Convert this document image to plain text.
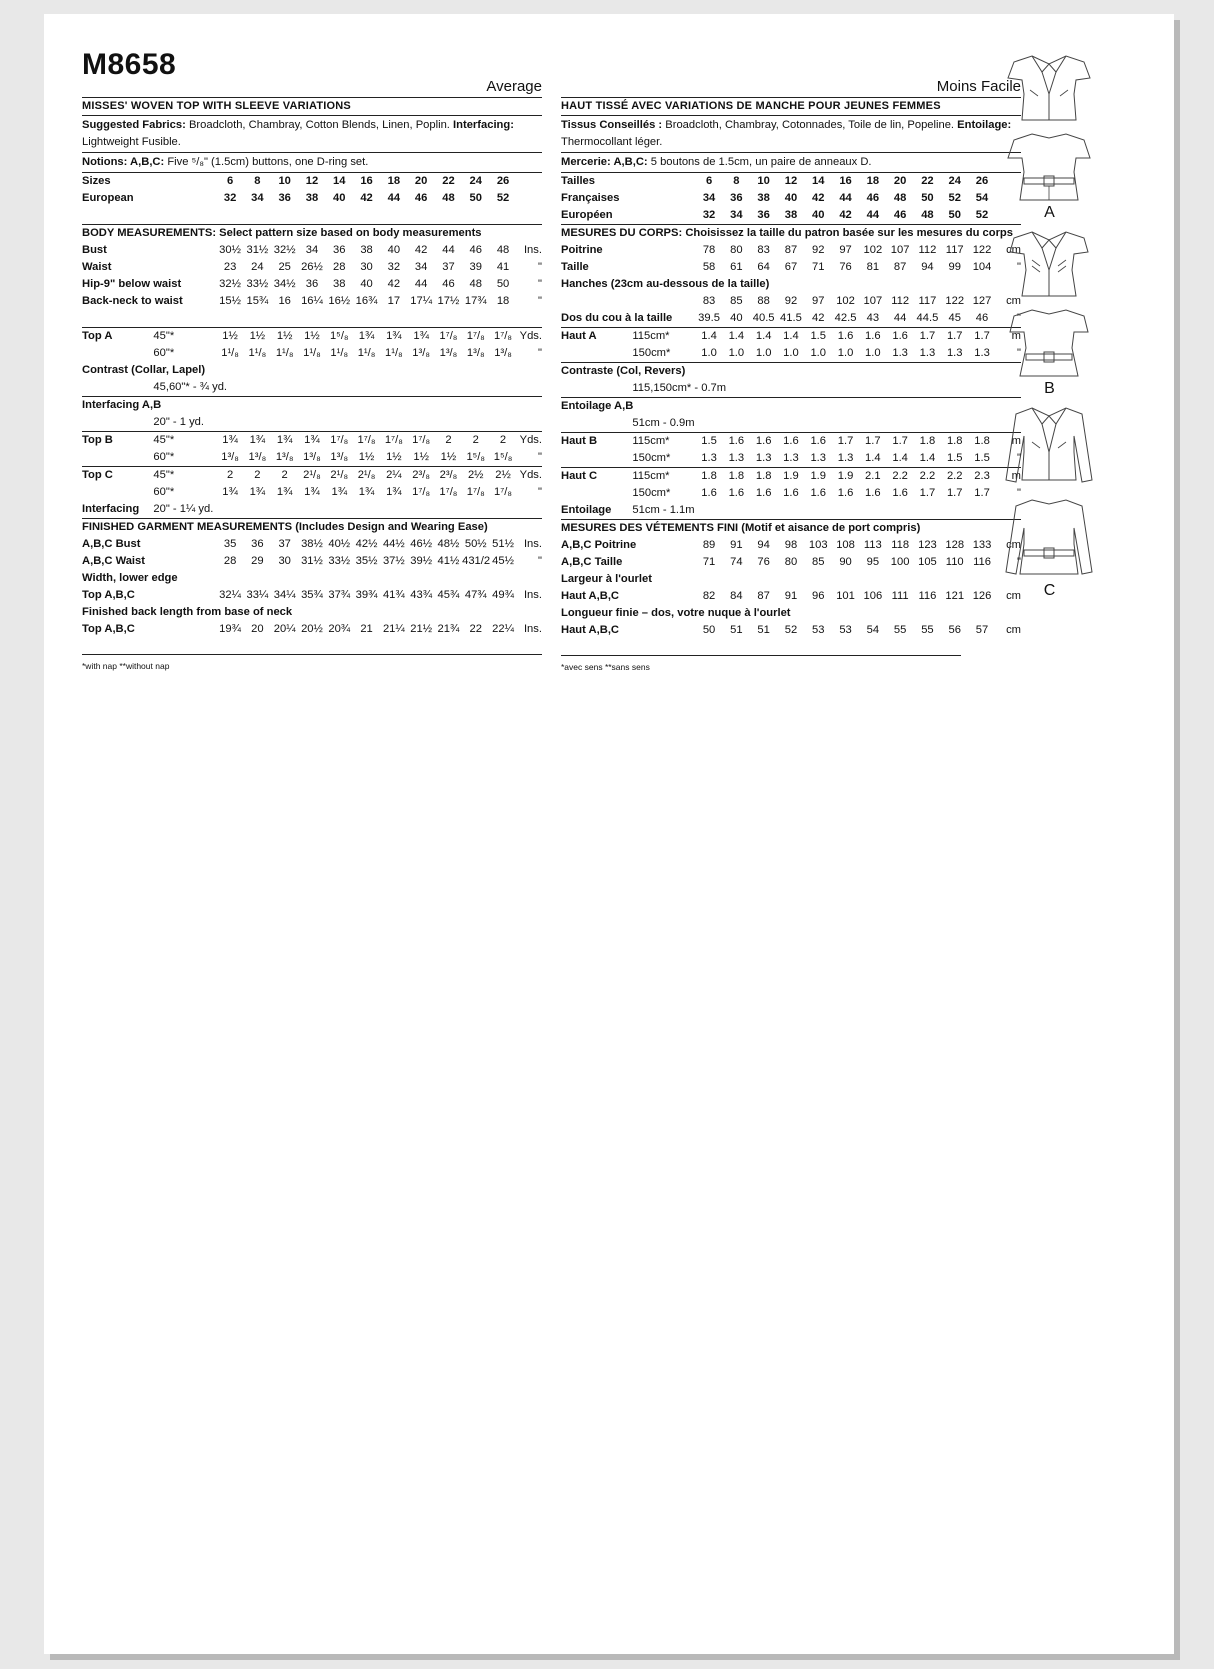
M8658
Average
MISSES' WOVEN TOP WITH SLEEVE VARIATIONS
Suggested Fabrics: Broadcloth, Chambray, Cotton Blends, Linen, Poplin. Interfacing: Lightweight Fusible.
Notions: A,B,C: Five ⁵/₈" (1.5cm) buttons, one D-ring set.
Sizes		6	8	10	12	14	16	18	20	22	24	26	
European		32	34	36	38	40	42	44	46	48	50	52	

BODY MEASUREMENTS: Select pattern size based on body measurements													
Bust		30½	31½	32½	34	36	38	40	42	44	46	48	Ins.
Waist		23	24	25	26½	28	30	32	34	37	39	41	"
Hip-9" below waist		32½	33½	34½	36	38	40	42	44	46	48	50	"
Back-neck to waist		15½	15¾	16	16¼	16½	16¾	17	17¼	17½	17¾	18	"

Top A	45"*	1½	1½	1½	1½	1⁵/₈	1¾	1¾	1¾	1⁷/₈	1⁷/₈	1⁷/₈	Yds.
	60"*	1¹/₈	1¹/₈	1¹/₈	1¹/₈	1¹/₈	1¹/₈	1¹/₈	1³/₈	1³/₈	1³/₈	1³/₈	"
Contrast (Collar, Lapel)													
	45,60"* - ¾ yd.												
Interfacing A,B													
	20" - 1 yd.												
Top B	45"*	1¾	1¾	1¾	1¾	1⁷/₈	1⁷/₈	1⁷/₈	1⁷/₈	2	2	2	Yds.
	60"*	1³/₈	1³/₈	1³/₈	1³/₈	1³/₈	1½	1½	1½	1½	1⁵/₈	1⁵/₈	"
Top C	45"*	2	2	2	2¹/₈	2¹/₈	2¹/₈	2¼	2³/₈	2³/₈	2½	2½	Yds.
	60"*	1¾	1¾	1¾	1¾	1¾	1¾	1¾	1⁷/₈	1⁷/₈	1⁷/₈	1⁷/₈	"
Interfacing	20" - 1¼ yd.												
FINISHED GARMENT MEASUREMENTS (Includes Design and Wearing Ease)													
A,B,C Bust		35	36	37	38½	40½	42½	44½	46½	48½	50½	51½	Ins.
A,B,C Waist		28	29	30	31½	33½	35½	37½	39½	41½	431/2	45½	"
Width, lower edge													
Top A,B,C		32¼	33¼	34¼	35¾	37¾	39¾	41¾	43¾	45¾	47¾	49¾	Ins.
Finished back length from base of neck													
Top A,B,C		19¾	20	20¼	20½	20¾	21	21¼	21½	21¾	22	22¼	Ins.
*with nap **without nap
Moins Facile
HAUT TISSÉ AVEC VARIATIONS DE MANCHE POUR JEUNES FEMMES
Tissus Conseillés : Broadcloth, Chambray, Cotonnades, Toile de lin, Popeline. Entoilage: Thermocollant léger.
Mercerie: A,B,C: 5 boutons de 1.5cm, un paire de anneaux D.
Tailles		6	8	10	12	14	16	18	20	22	24	26	
Françaises		34	36	38	40	42	44	46	48	50	52	54	
Européen		32	34	36	38	40	42	44	46	48	50	52	
MESURES DU CORPS: Choisissez la taille du patron basée sur les mesures du corps													
Poitrine		78	80	83	87	92	97	102	107	112	117	122	cm
Taille		58	61	64	67	71	76	81	87	94	99	104	"
Hanches (23cm au-dessous de la taille)													
		83	85	88	92	97	102	107	112	117	122	127	cm
Dos du cou à la taille		39.5	40	40.5	41.5	42	42.5	43	44	44.5	45	46	"
Haut A	115cm*	1.4	1.4	1.4	1.4	1.5	1.6	1.6	1.6	1.7	1.7	1.7	m
	150cm*	1.0	1.0	1.0	1.0	1.0	1.0	1.0	1.3	1.3	1.3	1.3	"
Contraste (Col, Revers)													
	115,150cm* - 0.7m												
Entoilage A,B													
	51cm - 0.9m												
Haut B	115cm*	1.5	1.6	1.6	1.6	1.6	1.7	1.7	1.7	1.8	1.8	1.8	m
	150cm*	1.3	1.3	1.3	1.3	1.3	1.3	1.4	1.4	1.4	1.5	1.5	"
Haut C	115cm*	1.8	1.8	1.8	1.9	1.9	1.9	2.1	2.2	2.2	2.2	2.3	m
	150cm*	1.6	1.6	1.6	1.6	1.6	1.6	1.6	1.6	1.7	1.7	1.7	"
Entoilage	51cm - 1.1m												
MESURES DES VÉTEMENTS FINI (Motif et aisance de port compris)													
A,B,C Poitrine		89	91	94	98	103	108	113	118	123	128	133	cm
A,B,C Taille		71	74	76	80	85	90	95	100	105	110	116	"
Largeur à l'ourlet													
Haut A,B,C		82	84	87	91	96	101	106	111	116	121	126	cm
Longueur finie – dos, votre nuque à l'ourlet													
Haut A,B,C		50	51	51	52	53	53	54	55	55	56	57	cm
*avec sens **sans sens
A
B
C
